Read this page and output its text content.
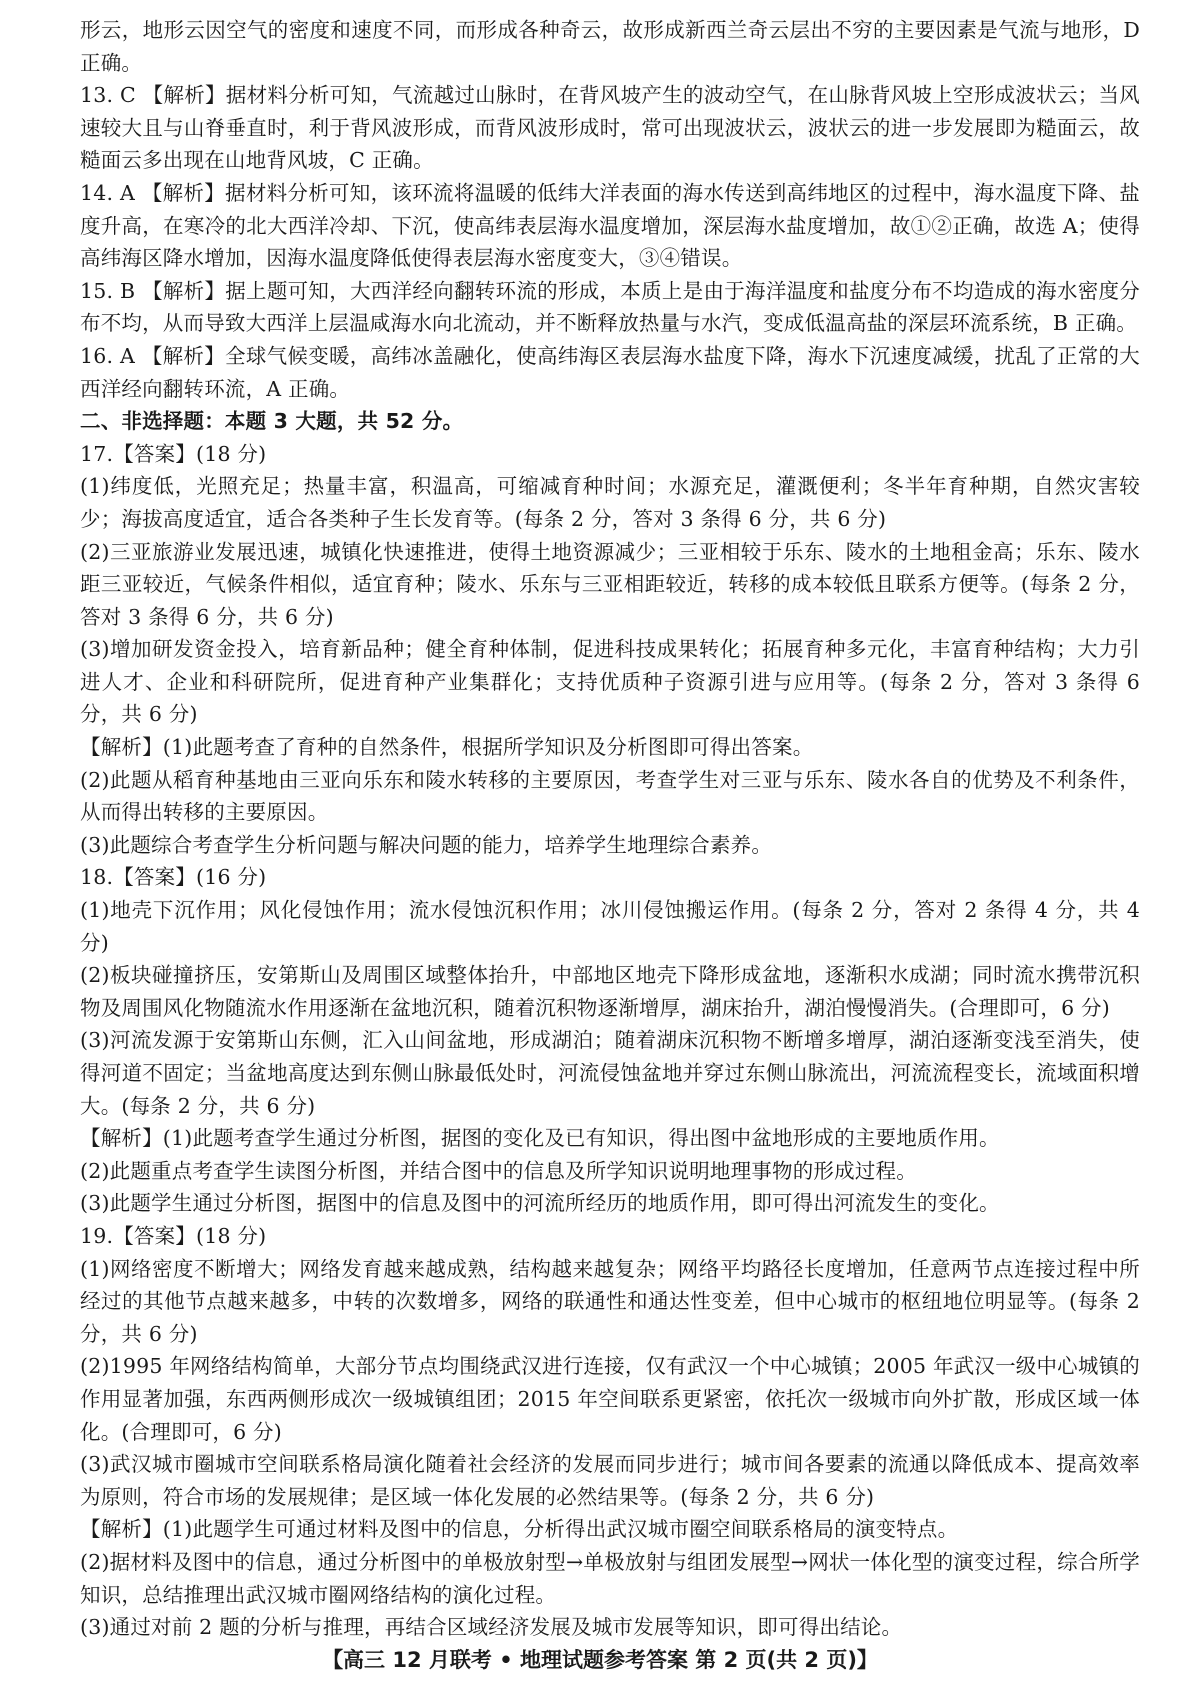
形云，地形云因空气的密度和速度不同，而形成各种奇云，故形成新西兰奇云层出不穷的主要因素是气流与地形，D 正确。

13. C 【解析】据材料分析可知，气流越过山脉时，在背风坡产生的波动空气，在山脉背风坡上空形成波状云；当风速较大且与山脊垂直时，利于背风波形成，而背风波形成时，常可出现波状云，波状云的进一步发展即为糙面云，故糙面云多出现在山地背风坡，C 正确。

14. A 【解析】据材料分析可知，该环流将温暖的低纬大洋表面的海水传送到高纬地区的过程中，海水温度下降、盐度升高，在寒冷的北大西洋冷却、下沉，使高纬表层海水温度增加，深层海水盐度增加，故①②正确，故选 A；使得高纬海区降水增加，因海水温度降低使得表层海水密度变大，③④错误。

15. B 【解析】据上题可知，大西洋经向翻转环流的形成，本质上是由于海洋温度和盐度分布不均造成的海水密度分布不均，从而导致大西洋上层温咸海水向北流动，并不断释放热量与水汽，变成低温高盐的深层环流系统，B 正确。

16. A 【解析】全球气候变暖，高纬冰盖融化，使高纬海区表层海水盐度下降，海水下沉速度减缓，扰乱了正常的大西洋经向翻转环流，A 正确。

二、非选择题：本题 3 大题，共 52 分。

17.【答案】(18 分)

(1)纬度低，光照充足；热量丰富，积温高，可缩减育种时间；水源充足，灌溉便利；冬半年育种期，自然灾害较少；海拔高度适宜，适合各类种子生长发育等。(每条 2 分，答对 3 条得 6 分，共 6 分)

(2)三亚旅游业发展迅速，城镇化快速推进，使得土地资源减少；三亚相较于乐东、陵水的土地租金高；乐东、陵水距三亚较近，气候条件相似，适宜育种；陵水、乐东与三亚相距较近，转移的成本较低且联系方便等。(每条 2 分，答对 3 条得 6 分，共 6 分)

(3)增加研发资金投入，培育新品种；健全育种体制，促进科技成果转化；拓展育种多元化，丰富育种结构；大力引进人才、企业和科研院所，促进育种产业集群化；支持优质种子资源引进与应用等。(每条 2 分，答对 3 条得 6 分，共 6 分)

【解析】(1)此题考查了育种的自然条件，根据所学知识及分析图即可得出答案。

(2)此题从稻育种基地由三亚向乐东和陵水转移的主要原因，考查学生对三亚与乐东、陵水各自的优势及不利条件，从而得出转移的主要原因。

(3)此题综合考查学生分析问题与解决问题的能力，培养学生地理综合素养。

18.【答案】(16 分)

(1)地壳下沉作用；风化侵蚀作用；流水侵蚀沉积作用；冰川侵蚀搬运作用。(每条 2 分，答对 2 条得 4 分，共 4 分)

(2)板块碰撞挤压，安第斯山及周围区域整体抬升，中部地区地壳下降形成盆地，逐渐积水成湖；同时流水携带沉积物及周围风化物随流水作用逐渐在盆地沉积，随着沉积物逐渐增厚，湖床抬升，湖泊慢慢消失。(合理即可，6 分)

(3)河流发源于安第斯山东侧，汇入山间盆地，形成湖泊；随着湖床沉积物不断增多增厚，湖泊逐渐变浅至消失，使得河道不固定；当盆地高度达到东侧山脉最低处时，河流侵蚀盆地并穿过东侧山脉流出，河流流程变长，流域面积增大。(每条 2 分，共 6 分)

【解析】(1)此题考查学生通过分析图，据图的变化及已有知识，得出图中盆地形成的主要地质作用。

(2)此题重点考查学生读图分析图，并结合图中的信息及所学知识说明地理事物的形成过程。

(3)此题学生通过分析图，据图中的信息及图中的河流所经历的地质作用，即可得出河流发生的变化。

19.【答案】(18 分)

(1)网络密度不断增大；网络发育越来越成熟，结构越来越复杂；网络平均路径长度增加，任意两节点连接过程中所经过的其他节点越来越多，中转的次数增多，网络的联通性和通达性变差，但中心城市的枢纽地位明显等。(每条 2 分，共 6 分)

(2)1995 年网络结构简单，大部分节点均围绕武汉进行连接，仅有武汉一个中心城镇；2005 年武汉一级中心城镇的作用显著加强，东西两侧形成次一级城镇组团；2015 年空间联系更紧密，依托次一级城市向外扩散，形成区域一体化。(合理即可，6 分)

(3)武汉城市圈城市空间联系格局演化随着社会经济的发展而同步进行；城市间各要素的流通以降低成本、提高效率为原则，符合市场的发展规律；是区域一体化发展的必然结果等。(每条 2 分，共 6 分)

【解析】(1)此题学生可通过材料及图中的信息，分析得出武汉城市圈空间联系格局的演变特点。

(2)据材料及图中的信息，通过分析图中的单极放射型→单极放射与组团发展型→网状一体化型的演变过程，综合所学知识，总结推理出武汉城市圈网络结构的演化过程。

(3)通过对前 2 题的分析与推理，再结合区域经济发展及城市发展等知识，即可得出结论。

【高三 12 月联考 • 地理试题参考答案 第 2 页(共 2 页)】
